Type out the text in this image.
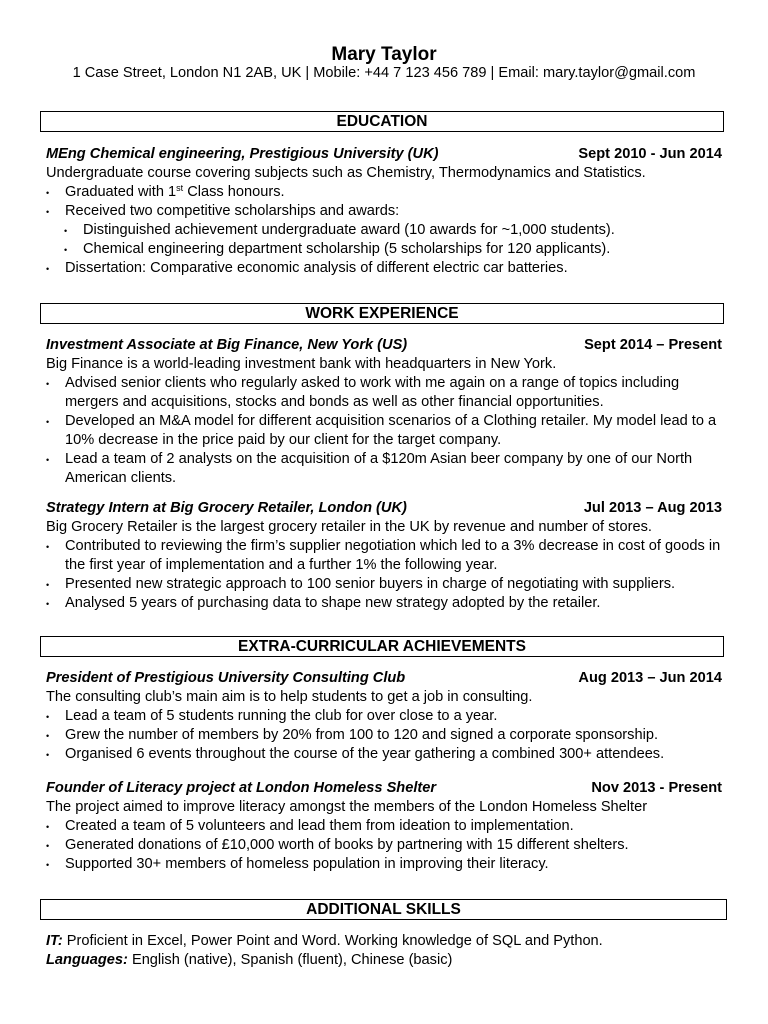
Mary Taylor
1 Case Street, London N1 2AB, UK | Mobile: +44 7 123 456 789 | Email: mary.taylor@gmail.com
EDUCATION
MEng Chemical engineering, Prestigious University (UK)	Sept 2010 - Jun 2014
Undergraduate course covering subjects such as Chemistry, Thermodynamics and Statistics.
• Graduated with 1st Class honours.
• Received two competitive scholarships and awards:
• Distinguished achievement undergraduate award (10 awards for ~1,000 students).
• Chemical engineering department scholarship (5 scholarships for 120 applicants).
• Dissertation: Comparative economic analysis of different electric car batteries.
WORK EXPERIENCE
Investment Associate at Big Finance, New York (US)	Sept 2014 – Present
Big Finance is a world-leading investment bank with headquarters in New York.
• Advised senior clients who regularly asked to work with me again on a range of topics including mergers and acquisitions, stocks and bonds as well as other financial opportunities.
• Developed an M&A model for different acquisition scenarios of a Clothing retailer. My model lead to a 10% decrease in the price paid by our client for the target company.
• Lead a team of 2 analysts on the acquisition of a $120m Asian beer company by one of our North American clients.
Strategy Intern at Big Grocery Retailer, London (UK)	Jul 2013 – Aug 2013
Big Grocery Retailer is the largest grocery retailer in the UK by revenue and number of stores.
• Contributed to reviewing the firm’s supplier negotiation which led to a 3% decrease in cost of goods in the first year of implementation and a further 1% the following year.
• Presented new strategic approach to 100 senior buyers in charge of negotiating with suppliers.
• Analysed 5 years of purchasing data to shape new strategy adopted by the retailer.
EXTRA-CURRICULAR ACHIEVEMENTS
President of Prestigious University Consulting Club	Aug 2013 – Jun 2014
The consulting club’s main aim is to help students to get a job in consulting.
• Lead a team of 5 students running the club for over close to a year.
• Grew the number of members by 20% from 100 to 120 and signed a corporate sponsorship.
• Organised 6 events throughout the course of the year gathering a combined 300+ attendees.
Founder of Literacy project at London Homeless Shelter	Nov 2013 - Present
The project aimed to improve literacy amongst the members of the London Homeless Shelter
• Created a team of 5 volunteers and lead them from ideation to implementation.
• Generated donations of £10,000 worth of books by partnering with 15 different shelters.
• Supported 30+ members of homeless population in improving their literacy.
ADDITIONAL SKILLS
IT: Proficient in Excel, Power Point and Word. Working knowledge of SQL and Python.
Languages: English (native), Spanish (fluent), Chinese (basic)
